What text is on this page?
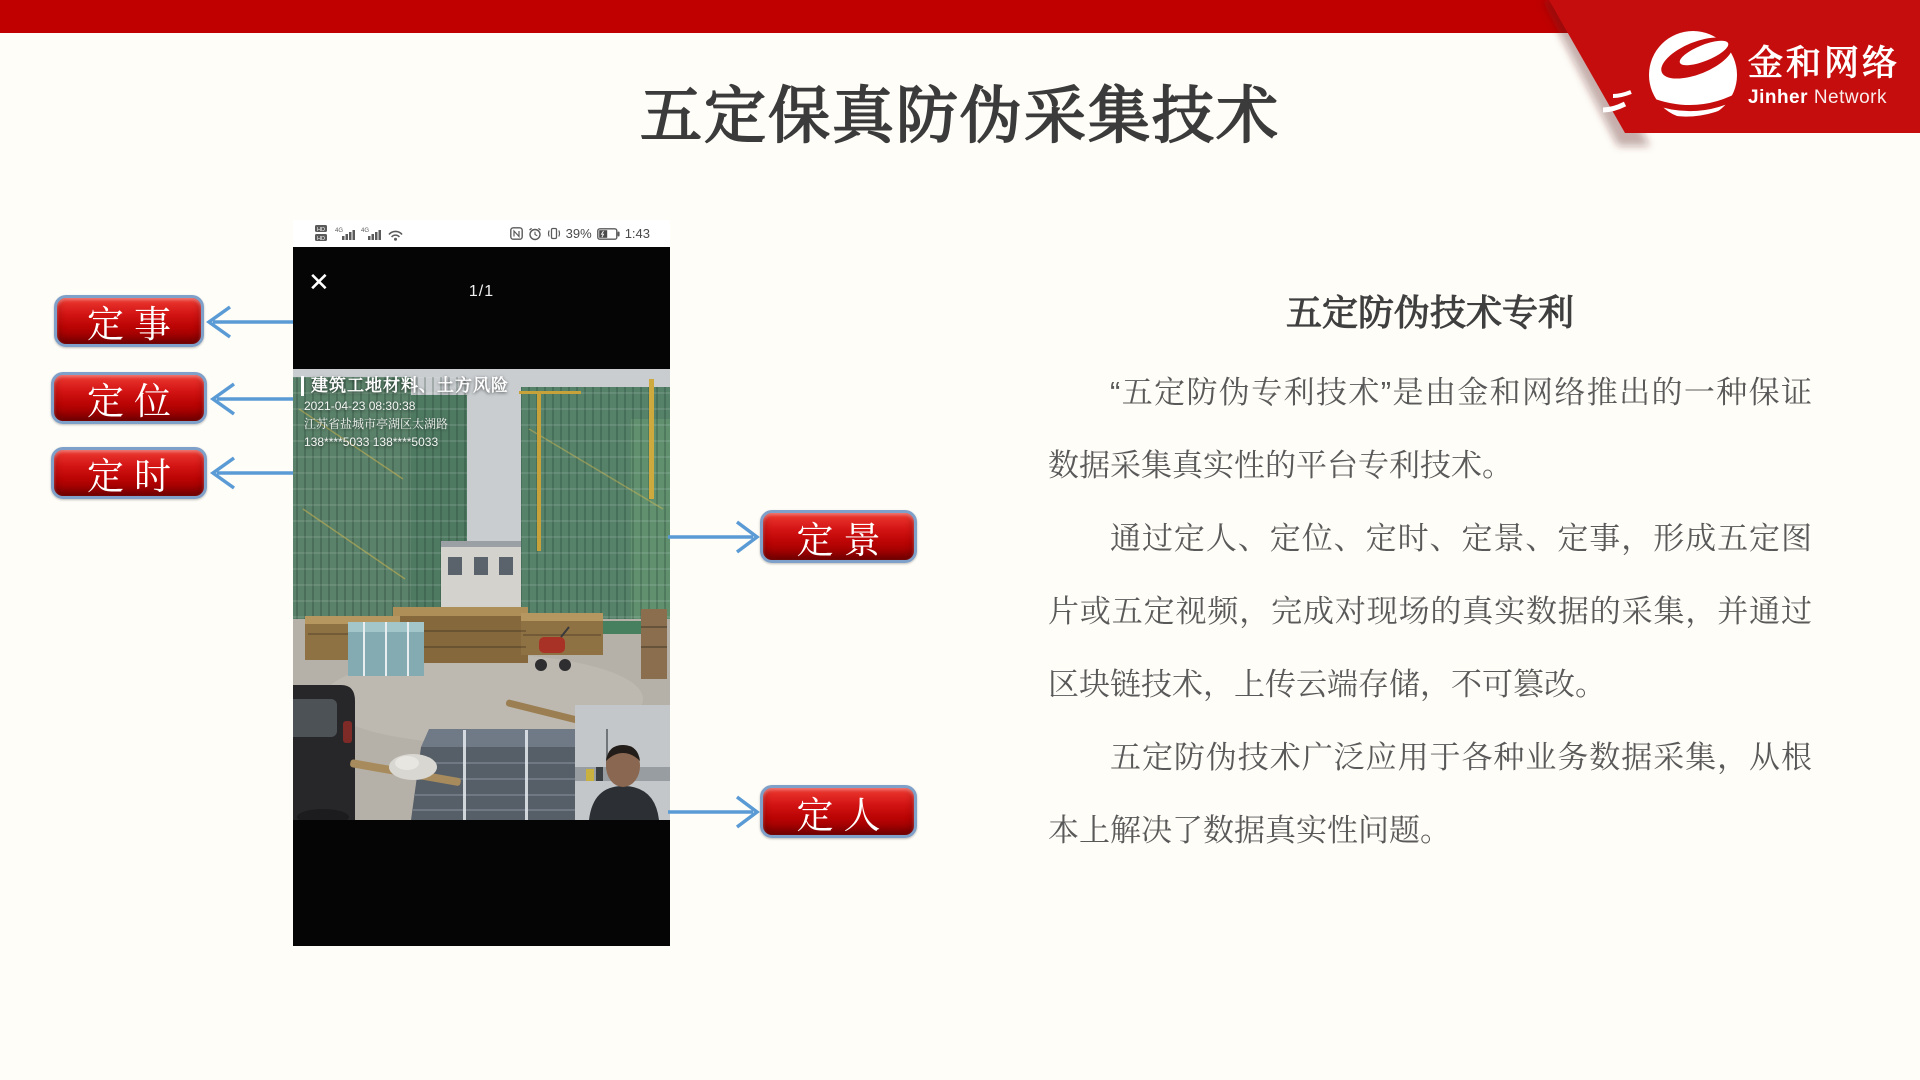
五定保真防伪采集技术
金和网络
Jinher Network
HD
HD
4G	4G	39%	1:43
✕	1/1
建筑工地材料、土方风险
2021-04-23 08:30:38
江苏省盐城市亭湖区太湖路
138****5033 138****5033
定事
定位
定时
定景
定人
五定防伪技术专利

“五定防伪专利技术”是由金和网络推出的一种保证数据采集真实性的平台专利技术。

通过定人、定位、定时、定景、定事，形成五定图片或五定视频，完成对现场的真实数据的采集，并通过区块链技术，上传云端存储，不可篡改。

五定防伪技术广泛应用于各种业务数据采集，从根本上解决了数据真实性问题。
